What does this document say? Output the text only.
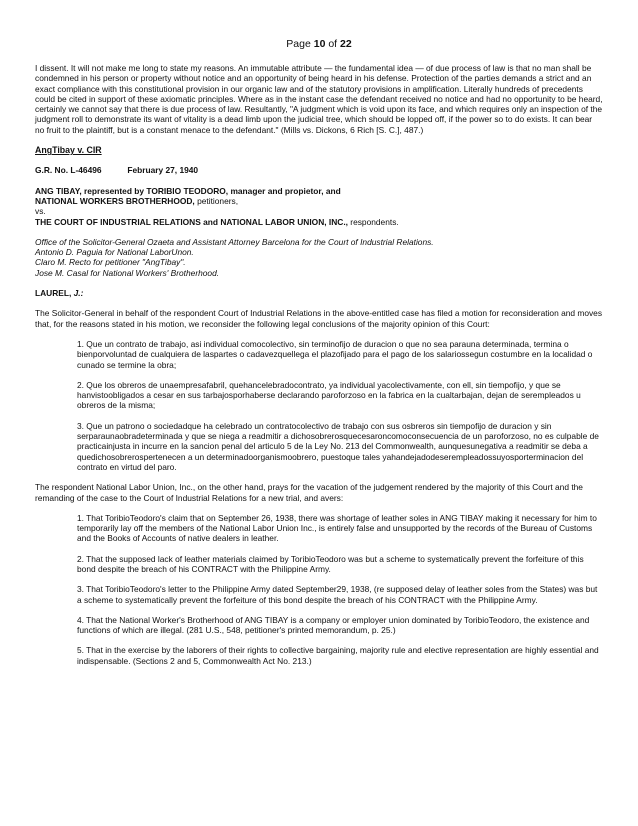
Page 10 of 22

I dissent. It will not make me long to state my reasons. An immutable attribute — the fundamental idea — of due process of law is that no man shall be condemned in his person or property without notice and an opportunity of being heard in his defense. Protection of the parties demands a strict and an exact compliance with this constitutional provision in our organic law and of the statutory provisions in amplification. Literally hundreds of precedents could be cited in support of these axiomatic principles. Where as in the instant case the defendant received no notice and had no opportunity to be heard, certainly we cannot say that there is due process of law. Resultantly, "A judgment which is void upon its face, and which requires only an inspection of the judgment roll to demonstrate its want of vitality is a dead limb upon the judicial tree, which should be lopped off, if the power so to do exists. It can bear no fruit to the plaintiff, but is a constant menace to the defendant." (Mills vs. Dickons, 6 Rich [S. C.], 487.)

AngTibay v. CIR

G.R. No. L-46496	February 27, 1940

ANG TIBAY, represented by TORIBIO TEODORO, manager and propietor, and

NATIONAL WORKERS BROTHERHOOD, petitioners,

vs.

THE COURT OF INDUSTRIAL RELATIONS and NATIONAL LABOR UNION, INC., respondents.

Office of the Solicitor-General Ozaeta and Assistant Attorney Barcelona for the Court of Industrial Relations.

Antonio D. Paguia for National LaborUnon.

Claro M. Recto for petitioner "AngTibay".

Jose M. Casal for National Workers' Brotherhood.

LAUREL, J.:

The Solicitor-General in behalf of the respondent Court of Industrial Relations in the above-entitled case has filed a motion for reconsideration and moves that, for the reasons stated in his motion, we reconsider the following legal conclusions of the majority opinion of this Court:

1. Que un contrato de trabajo, asi individual comocolectivo, sin terminofijo de duracion o que no sea parauna determinada, termina o bienporvoluntad de cualquiera de laspartes o cadavezquellega el plazofijado para el pago de los salariossegun costumbre en la localidad o cunado se termine la obra;

2. Que los obreros de unaempresafabril, quehancelebradocontrato, ya individual yacolectivamente, con ell, sin tiempofijo, y que se hanvistoobligados a cesar en sus tarbajosporhaberse declarando paroforzoso en la fabrica en la cualtarbajan, dejan de serempleados u obreros de la misma;

3. Que un patrono o sociedadque ha celebrado un contratocolectivo de trabajo con sus osbreros sin tiempofijo de duracion y sin serparaunaobradeterminada y que se niega a readmitir a dichosobrerosquecesaroncomoconsecuencia de un paroforzoso, no es culpable de practicainjusta in incurre en la sancion penal del articulo 5 de la Ley No. 213 del Commonwealth, aunquesunegativa a readmitir se deba a quedichosobrerospertenecen a un determinadoorganismoobrero, puestoque tales yahandejadodeserempleadossuyosporterminacion del contrato en virtud del paro.

The respondent National Labor Union, Inc., on the other hand, prays for the vacation of the judgement rendered by the majority of this Court and the remanding of the case to the Court of Industrial Relations for a new trial, and avers:

1. That ToribioTeodoro's claim that on September 26, 1938, there was shortage of leather soles in ANG TIBAY making it necessary for him to temporarily lay off the members of the National Labor Union Inc., is entirely false and unsupported by the records of the Bureau of Customs and the Books of Accounts of native dealers in leather.

2. That the supposed lack of leather materials claimed by ToribioTeodoro was but a scheme to systematically prevent the forfeiture of this bond despite the breach of his CONTRACT with the Philippine Army.

3. That ToribioTeodoro's letter to the Philippine Army dated September29, 1938, (re supposed delay of leather soles from the States) was but a scheme to systematically prevent the forfeiture of this bond despite the breach of his CONTRACT with the Philippine Army.

4. That the National Worker's Brotherhood of ANG TIBAY is a company or employer union dominated by ToribioTeodoro, the existence and functions of which are illegal. (281 U.S., 548, petitioner's printed memorandum, p. 25.)

5. That in the exercise by the laborers of their rights to collective bargaining, majority rule and elective representation are highly essential and indispensable. (Sections 2 and 5, Commonwealth Act No. 213.)
